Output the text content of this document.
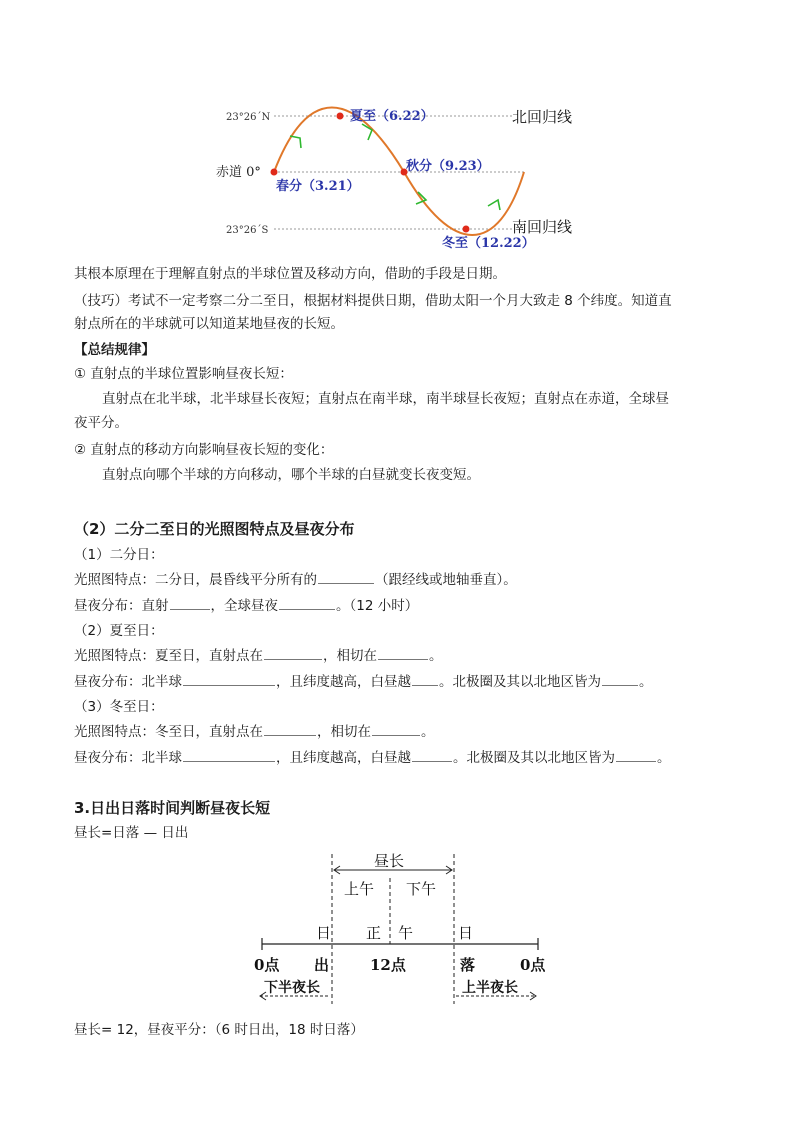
23°26´N
赤道 0°
23°26´S
北回归线
南回归线
夏至（6.22）
春分（3.21）
秋分（9.23）
冬至（12.22）
其根本原理在于理解直射点的半球位置及移动方向，借助的手段是日期。
（技巧）考试不一定考察二分二至日，根据材料提供日期，借助太阳一个月大致走 8 个纬度。知道直
射点所在的半球就可以知道某地昼夜的长短。
【总结规律】
① 直射点的半球位置影响昼夜长短：
直射点在北半球，北半球昼长夜短；直射点在南半球，南半球昼长夜短；直射点在赤道，全球昼
夜平分。
② 直射点的移动方向影响昼夜长短的变化：
直射点向哪个半球的方向移动，哪个半球的白昼就变长夜变短。
（2）二分二至日的光照图特点及昼夜分布
（1）二分日：
光照图特点：二分日，晨昏线平分所有的	（跟经线或地轴垂直）。
昼夜分布：直射	，全球昼夜	。（12 小时）
（2）夏至日：
光照图特点：夏至日，直射点在	，相切在	。
昼夜分布：北半球	，且纬度越高，白昼越 。北极圈及其以北地区皆为	。
（3）冬至日：
光照图特点：冬至日，直射点在	，相切在	。
昼夜分布：北半球	，且纬度越高，白昼越	。北极圈及其以北地区皆为	。
3.日出日落时间判断昼夜长短
昼长=日落 — 日出
昼长
上午 下午
日 正 午	日
0点 出	12点	落	0点
下半夜长	上半夜长
昼长= 12，昼夜平分：（6 时日出，18 时日落）
